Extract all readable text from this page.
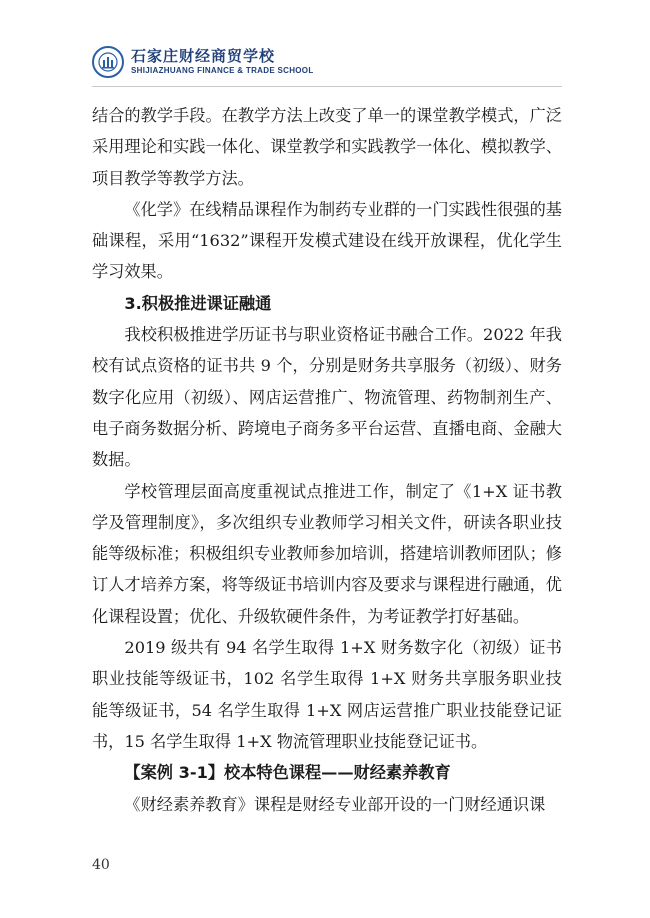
石家庄财经商贸学校
SHIJIAZHUANG FINANCE & TRADE SCHOOL

结合的教学手段。在教学方法上改变了单一的课堂教学模式，广泛采用理论和实践一体化、课堂教学和实践教学一体化、模拟教学、项目教学等教学方法。

《化学》在线精品课程作为制药专业群的一门实践性很强的基础课程，采用“1632”课程开发模式建设在线开放课程，优化学生学习效果。

3.积极推进课证融通

我校积极推进学历证书与职业资格证书融合工作。2022 年我校有试点资格的证书共 9 个，分别是财务共享服务（初级）、财务数字化应用（初级）、网店运营推广、物流管理、药物制剂生产、电子商务数据分析、跨境电子商务多平台运营、直播电商、金融大数据。

学校管理层面高度重视试点推进工作，制定了《1+X 证书教学及管理制度》，多次组织专业教师学习相关文件，研读各职业技能等级标准；积极组织专业教师参加培训，搭建培训教师团队；修订人才培养方案，将等级证书培训内容及要求与课程进行融通，优化课程设置；优化、升级软硬件条件，为考证教学打好基础。

2019 级共有 94 名学生取得 1+X 财务数字化（初级）证书职业技能等级证书，102 名学生取得 1+X 财务共享服务职业技能等级证书，54 名学生取得 1+X 网店运营推广职业技能登记证书，15 名学生取得 1+X 物流管理职业技能登记证书。

【案例 3-1】校本特色课程——财经素养教育

《财经素养教育》课程是财经专业部开设的一门财经通识课

40
